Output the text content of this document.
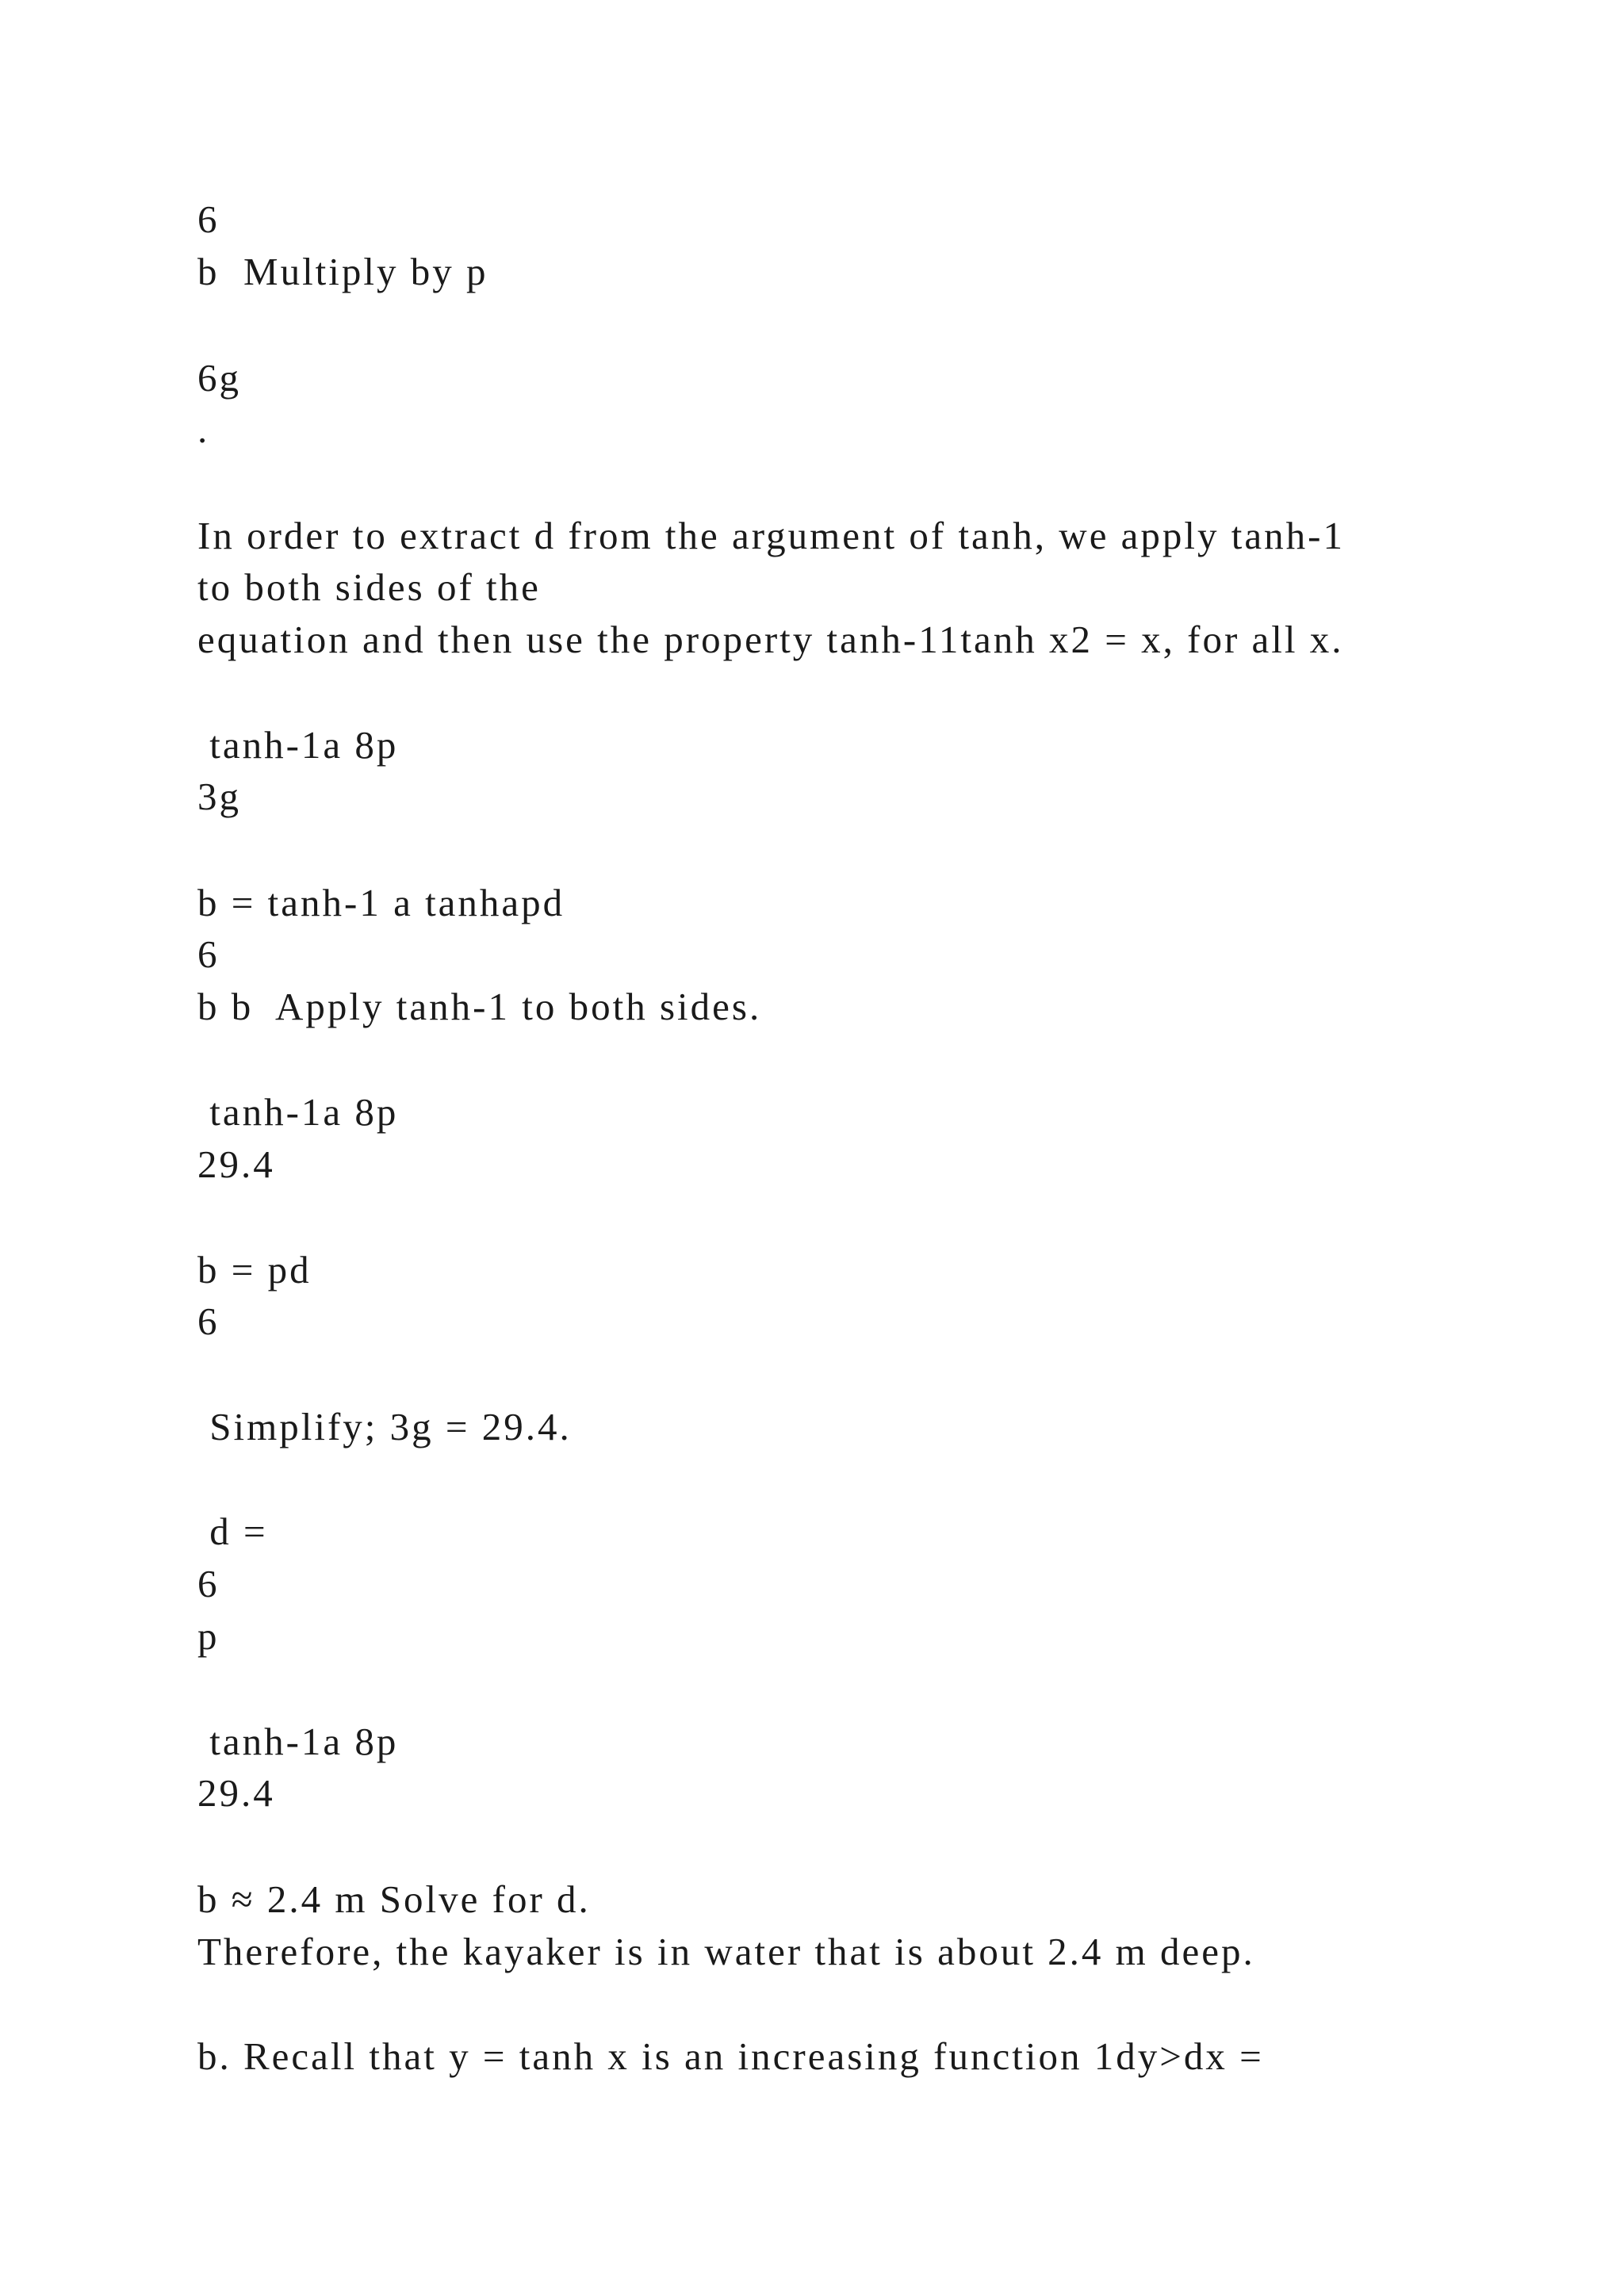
6

b  Multiply by p

6g

.

In order to extract d from the argument of tanh, we apply tanh-1

to both sides of the

equation and then use the property tanh-11tanh x2 = x, for all x.

tanh-1a 8p

3g

b = tanh-1 a tanhapd

6

b b  Apply tanh-1 to both sides.

tanh-1a 8p

29.4

b = pd

6

Simplify; 3g = 29.4.

d =

6

p

tanh-1a 8p

29.4

b ≈ 2.4 m Solve for d.

Therefore, the kayaker is in water that is about 2.4 m deep.

b. Recall that y = tanh x is an increasing function 1dy>dx =
